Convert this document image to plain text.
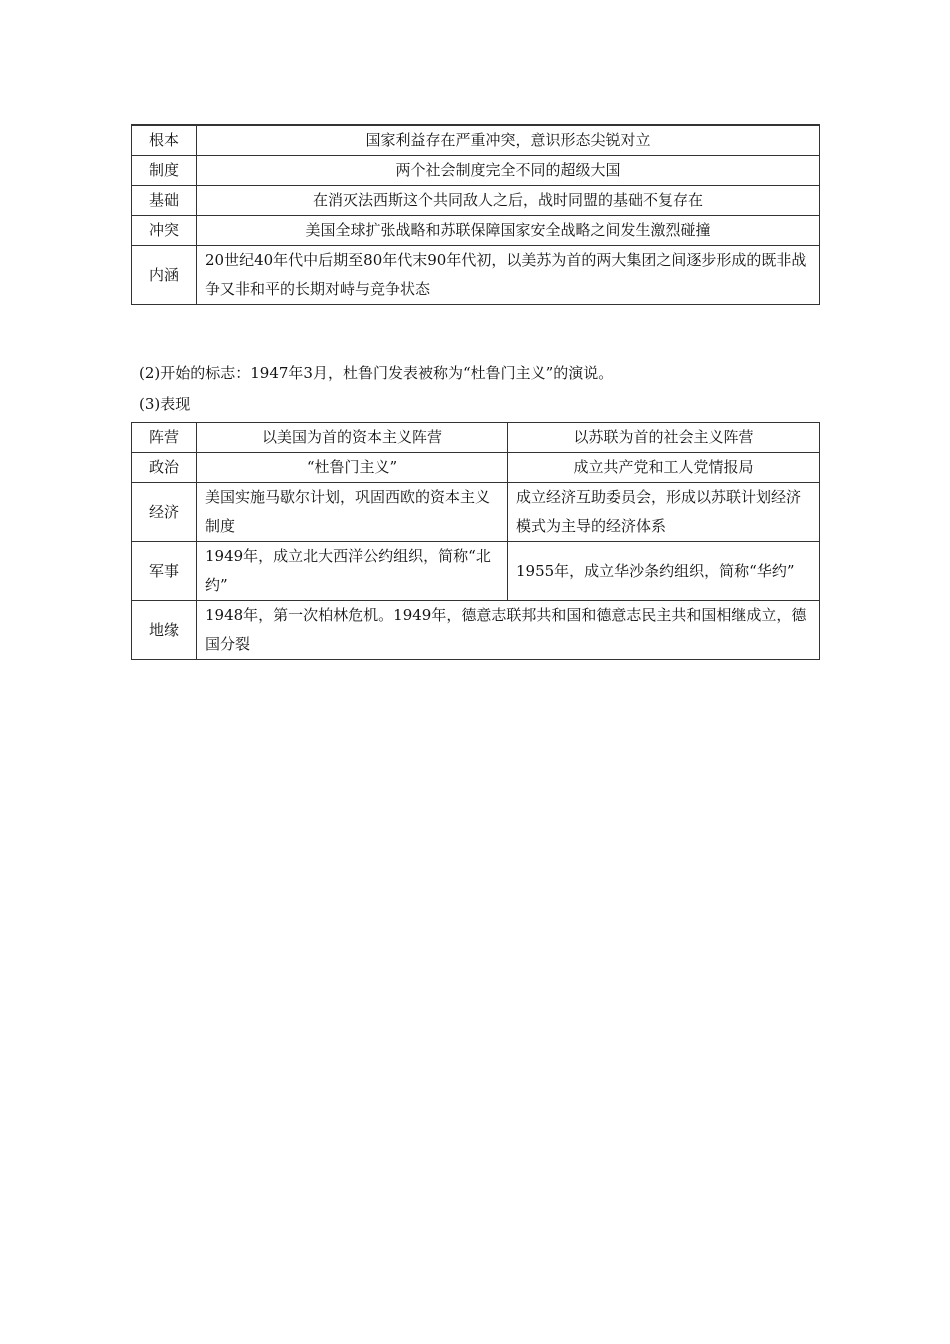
根本	国家利益存在严重冲突，意识形态尖锐对立
制度	两个社会制度完全不同的超级大国
基础	在消灭法西斯这个共同敌人之后，战时同盟的基础不复存在
冲突	美国全球扩张战略和苏联保障国家安全战略之间发生激烈碰撞
内涵	20世纪40年代中后期至80年代末90年代初，以美苏为首的两大集团之间逐步形成的既非战争又非和平的长期对峙与竞争状态
(2)开始的标志：1947年3月，杜鲁门发表被称为“杜鲁门主义”的演说。
(3)表现
阵营	以美国为首的资本主义阵营	以苏联为首的社会主义阵营
政治	“杜鲁门主义”	成立共产党和工人党情报局
经济	美国实施马歇尔计划，巩固西欧的资本主义制度	成立经济互助委员会，形成以苏联计划经济模式为主导的经济体系
军事	1949年，成立北大西洋公约组织，简称“北约”	1955年，成立华沙条约组织，简称“华约”
地缘	1948年，第一次柏林危机。1949年，德意志联邦共和国和德意志民主共和国相继成立，德国分裂	
